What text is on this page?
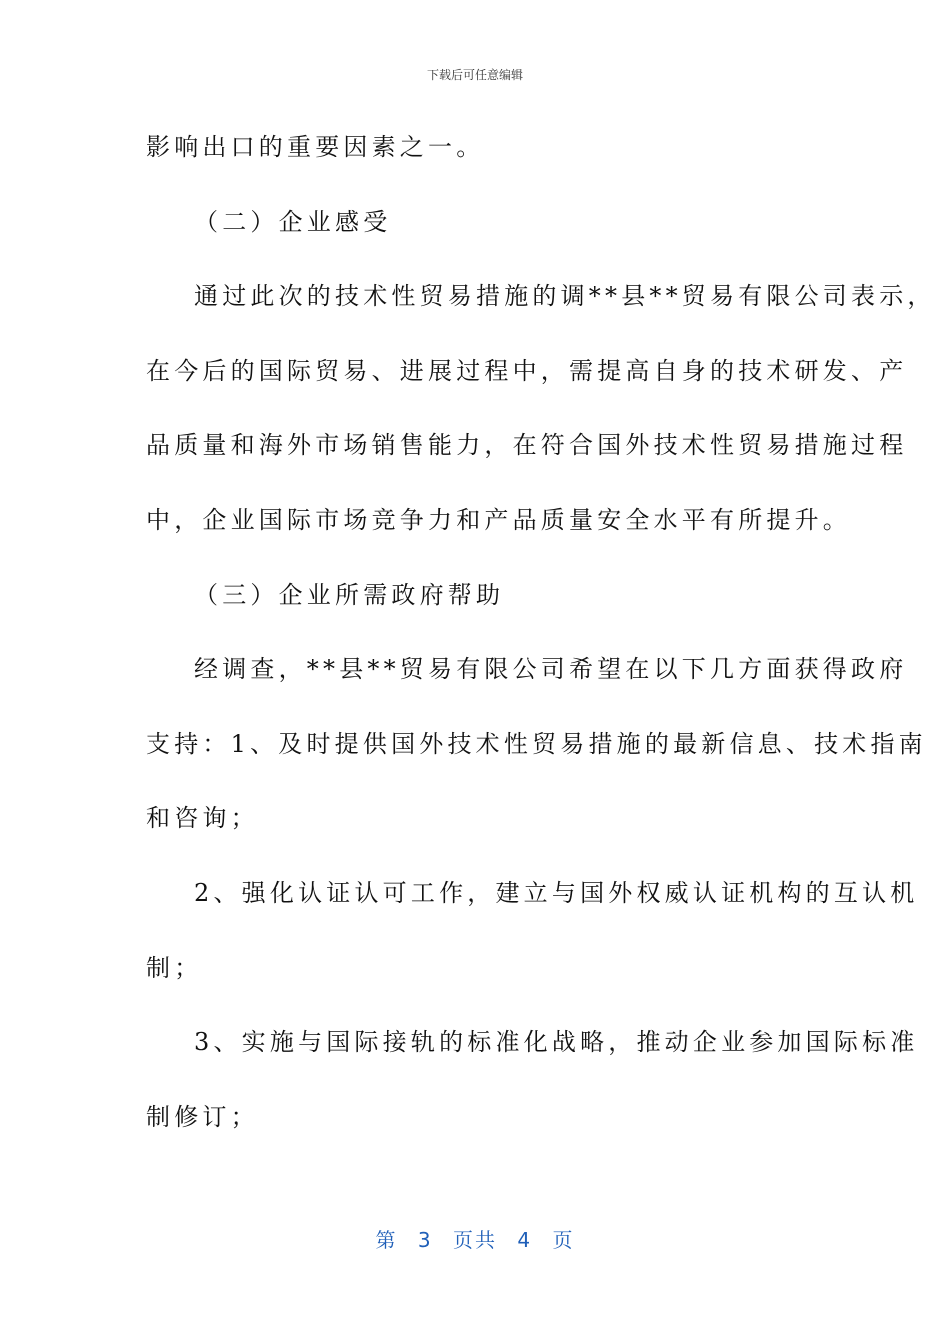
下载后可任意编辑
影响出口的重要因素之一。
（二）企业感受
通过此次的技术性贸易措施的调**县**贸易有限公司表示，
在今后的国际贸易、进展过程中，需提高自身的技术研发、产
品质量和海外市场销售能力，在符合国外技术性贸易措施过程
中，企业国际市场竞争力和产品质量安全水平有所提升。
（三）企业所需政府帮助
经调查，**县**贸易有限公司希望在以下几方面获得政府
支持：1、及时提供国外技术性贸易措施的最新信息、技术指南
和咨询；
2、强化认证认可工作，建立与国外权威认证机构的互认机
制；
3、实施与国际接轨的标准化战略，推动企业参加国际标准
制修订；
第 3 页共 4 页
